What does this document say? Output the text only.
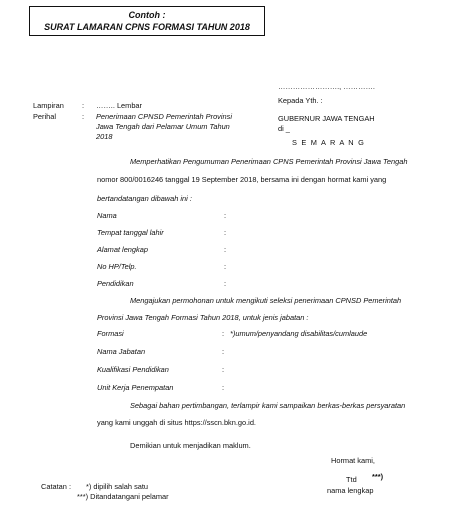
Contoh :
SURAT LAMARAN CPNS FORMASI TAHUN 2018
……………………., ………….
Kepada Yth. :
GUBERNUR JAWA TENGAH
di _
S E M A R A N G
Lampiran : …….. Lembar
Perihal	: Penerimaan CPNSD Pemerintah Provinsi
Jawa Tengah dari Pelamar Umum Tahun
2018
Memperhatikan Pengumuman Penerimaan CPNS Pemerintah Provinsi Jawa Tengah
nomor 800/0016246 tanggal 19 September 2018, bersama ini dengan hormat kami yang
bertandatangan dibawah ini :
Nama	:
Tempat tanggal lahir	:
Alamat lengkap	:
No HP/Telp.	:
Pendidikan	:
Mengajukan permohonan untuk mengikuti seleksi penerimaan CPNSD Pemerintah
Provinsi Jawa Tengah Formasi Tahun 2018, untuk jenis jabatan :
Formasi	: *)umum/penyandang disabilitas/cumlaude
Nama Jabatan	:
Kualifikasi Pendidikan	:
Unit Kerja Penempatan	:
Sebagai bahan pertimbangan, terlampir kami sampaikan berkas-berkas persyaratan
yang kami unggah di situs https://sscn.bkn.go.id.
Demikian untuk menjadikan maklum.
Hormat kami,
Ttd ***)
nama lengkap
Catatan : *) dipilih salah satu
***) Ditandatangani pelamar
